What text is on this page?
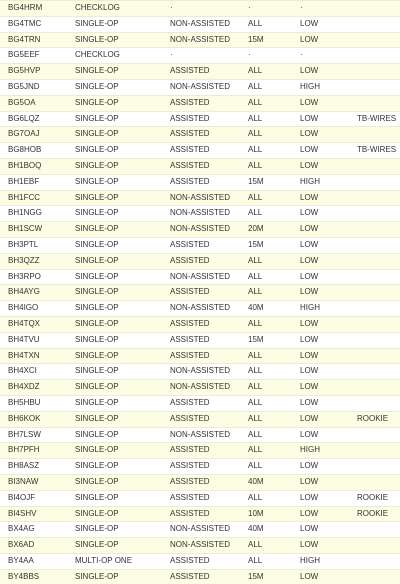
BG4HRM	CHECKLOG	·	·	·	
BG4TMC	SINGLE-OP	NON-ASSISTED	ALL	LOW	
BG4TRN	SINGLE-OP	NON-ASSISTED	15M	LOW	
BG5EEF	CHECKLOG	·	·	·	
BG5HVP	SINGLE-OP	ASSISTED	ALL	LOW	
BG5JND	SINGLE-OP	NON-ASSISTED	ALL	HIGH	
BG5OA	SINGLE-OP	ASSISTED	ALL	LOW	
BG6LQZ	SINGLE-OP	ASSISTED	ALL	LOW	TB-WIRES
BG7OAJ	SINGLE-OP	ASSISTED	ALL	LOW	
BG8HOB	SINGLE-OP	ASSISTED	ALL	LOW	TB-WIRES
BH1BOQ	SINGLE-OP	ASSISTED	ALL	LOW	
BH1EBF	SINGLE-OP	ASSISTED	15M	HIGH	
BH1FCC	SINGLE-OP	NON-ASSISTED	ALL	LOW	
BH1NGG	SINGLE-OP	NON-ASSISTED	ALL	LOW	
BH1SCW	SINGLE-OP	NON-ASSISTED	20M	LOW	
BH3PTL	SINGLE-OP	ASSISTED	15M	LOW	
BH3QZZ	SINGLE-OP	ASSISTED	ALL	LOW	
BH3RPO	SINGLE-OP	NON-ASSISTED	ALL	LOW	
BH4AYG	SINGLE-OP	ASSISTED	ALL	LOW	
BH4IGO	SINGLE-OP	NON-ASSISTED	40M	HIGH	
BH4TQX	SINGLE-OP	ASSISTED	ALL	LOW	
BH4TVU	SINGLE-OP	ASSISTED	15M	LOW	
BH4TXN	SINGLE-OP	ASSISTED	ALL	LOW	
BH4XCI	SINGLE-OP	NON-ASSISTED	ALL	LOW	
BH4XDZ	SINGLE-OP	NON-ASSISTED	ALL	LOW	
BH5HBU	SINGLE-OP	ASSISTED	ALL	LOW	
BH6KOK	SINGLE-OP	ASSISTED	ALL	LOW	ROOKIE
BH7LSW	SINGLE-OP	NON-ASSISTED	ALL	LOW	
BH7PFH	SINGLE-OP	ASSISTED	ALL	HIGH	
BH8ASZ	SINGLE-OP	ASSISTED	ALL	LOW	
BI3NAW	SINGLE-OP	ASSISTED	40M	LOW	
BI4OJF	SINGLE-OP	ASSISTED	ALL	LOW	ROOKIE
BI4SHV	SINGLE-OP	ASSISTED	10M	LOW	ROOKIE
BX4AG	SINGLE-OP	NON-ASSISTED	40M	LOW	
BX6AD	SINGLE-OP	NON-ASSISTED	ALL	LOW	
BY4AA	MULTI-OP ONE	ASSISTED	ALL	HIGH	
BY4BBS	SINGLE-OP	ASSISTED	15M	LOW	
